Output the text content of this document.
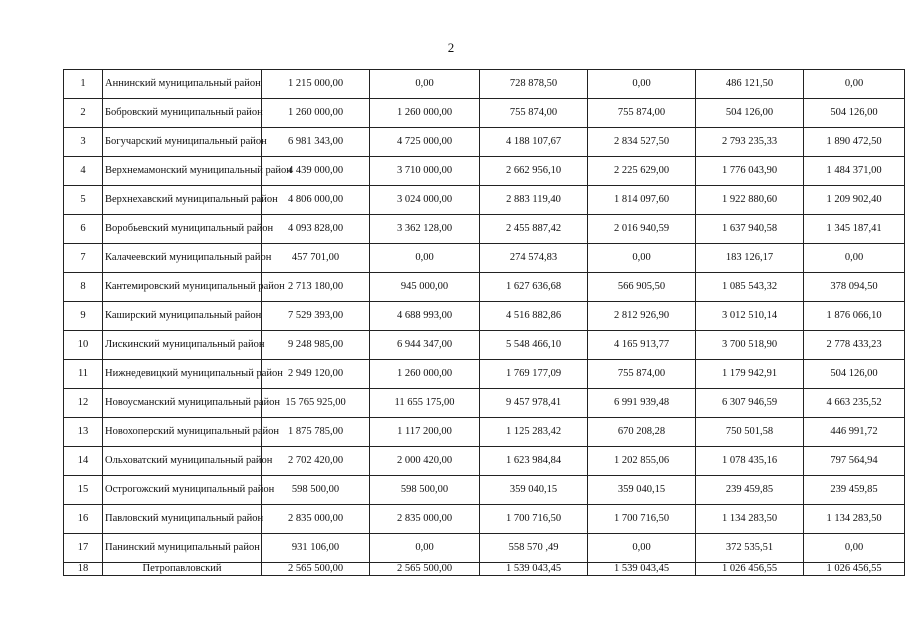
2
1	Аннинский муниципальный район	1 215 000,00	0,00	728 878,50	0,00	486 121,50	0,00
2	Бобровский муниципальный район	1 260 000,00	1 260 000,00	755 874,00	755 874,00	504 126,00	504 126,00
3	Богучарский муниципальный район	6 981 343,00	4 725 000,00	4 188 107,67	2 834 527,50	2 793 235,33	1 890 472,50
4	Верхнемамонский муниципальный район	4 439 000,00	3 710 000,00	2 662 956,10	2 225 629,00	1 776 043,90	1 484 371,00
5	Верхнехавский муниципальный район	4 806 000,00	3 024 000,00	2 883 119,40	1 814 097,60	1 922 880,60	1 209 902,40
6	Воробьевский муниципальный район	4 093 828,00	3 362 128,00	2 455 887,42	2 016 940,59	1 637 940,58	1 345 187,41
7	Калачеевский муниципальный район	457 701,00	0,00	274 574,83	0,00	183 126,17	0,00
8	Кантемировский муниципальный район	2 713 180,00	945 000,00	1 627 636,68	566 905,50	1 085 543,32	378 094,50
9	Каширский муниципальный район	7 529 393,00	4 688 993,00	4 516 882,86	2 812 926,90	3 012 510,14	1 876 066,10
10	Лискинский муниципальный район	9 248 985,00	6 944 347,00	5 548 466,10	4 165 913,77	3 700 518,90	2 778 433,23
11	Нижнедевицкий муниципальный район	2 949 120,00	1 260 000,00	1 769 177,09	755 874,00	1 179 942,91	504 126,00
12	Новоусманский муниципальный район	15 765 925,00	11 655 175,00	9 457 978,41	6 991 939,48	6 307 946,59	4 663 235,52
13	Новохоперский муниципальный район	1 875 785,00	1 117 200,00	1 125 283,42	670 208,28	750 501,58	446 991,72
14	Ольховатский муниципальный район	2 702 420,00	2 000 420,00	1 623 984,84	1 202 855,06	1 078 435,16	797 564,94
15	Острогожский муниципальный район	598 500,00	598 500,00	359 040,15	359 040,15	239 459,85	239 459,85
16	Павловский муниципальный район	2 835 000,00	2 835 000,00	1 700 716,50	1 700 716,50	1 134 283,50	1 134 283,50
17	Панинский муниципальный район	931 106,00	0,00	558 570 ,49	0,00	372 535,51	0,00
18	Петропавловский	2 565 500,00	2 565 500,00	1 539 043,45	1 539 043,45	1 026 456,55	1 026 456,55
